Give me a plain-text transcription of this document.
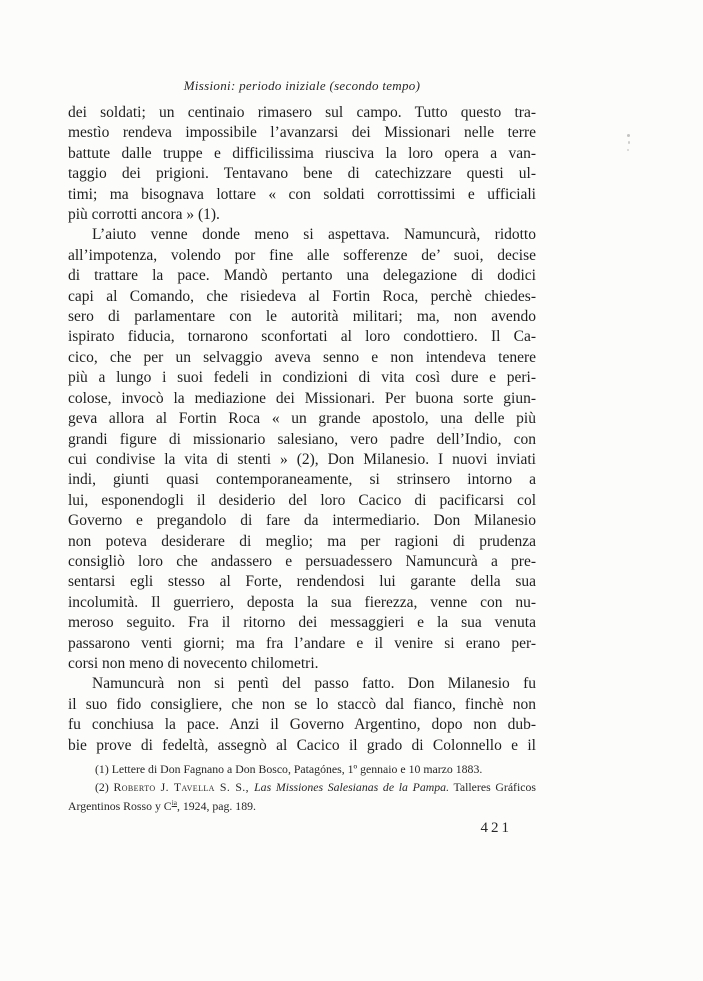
Missioni: periodo iniziale (secondo tempo)
dei soldati; un centinaio rimasero sul campo. Tutto questo tra-
mestìo rendeva impossibile l’avanzarsi dei Missionari nelle terre
battute dalle truppe e difficilissima riusciva la loro opera a van-
taggio dei prigioni. Tentavano bene di catechizzare questi ul-
timi; ma bisognava lottare « con soldati corrottissimi e ufficiali
più corrotti ancora » (1).
L’aiuto venne donde meno si aspettava. Namuncurà, ridotto
all’impotenza, volendo por fine alle sofferenze de’ suoi, decise
di trattare la pace. Mandò pertanto una delegazione di dodici
capi al Comando, che risiedeva al Fortin Roca, perchè chiedes-
sero di parlamentare con le autorità militari; ma, non avendo
ispirato fiducia, tornarono sconfortati al loro condottiero. Il Ca-
cico, che per un selvaggio aveva senno e non intendeva tenere
più a lungo i suoi fedeli in condizioni di vita così dure e peri-
colose, invocò la mediazione dei Missionari. Per buona sorte giun-
geva allora al Fortin Roca « un grande apostolo, una delle più
grandi figure di missionario salesiano, vero padre dell’Indio, con
cui condivise la vita di stenti » (2), Don Milanesio. I nuovi inviati
indi, giunti quasi contemporaneamente, si strinsero intorno a
lui, esponendogli il desiderio del loro Cacico di pacificarsi col
Governo e pregandolo di fare da intermediario. Don Milanesio
non poteva desiderare di meglio; ma per ragioni di prudenza
consigliò loro che andassero e persuadessero Namuncurà a pre-
sentarsi egli stesso al Forte, rendendosi lui garante della sua
incolumità. Il guerriero, deposta la sua fierezza, venne con nu-
meroso seguito. Fra il ritorno dei messaggieri e la sua venuta
passarono venti giorni; ma fra l’andare e il venire si erano per-
corsi non meno di novecento chilometri.
Namuncurà non si pentì del passo fatto. Don Milanesio fu
il suo fido consigliere, che non se lo staccò dal fianco, finchè non
fu conchiusa la pace. Anzi il Governo Argentino, dopo non dub-
bie prove di fedeltà, assegnò al Cacico il grado di Colonnello e il
(1) Lettere di Don Fagnano a Don Bosco, Patagónes, 1º gennaio e 10 marzo 1883.
(2) Roberto J. Tavella S. S., Las Missiones Salesianas de la Pampa. Talleres Gráficos
Argentinos Rosso y $C^{ia}$, 1924, pag. 189.
421
